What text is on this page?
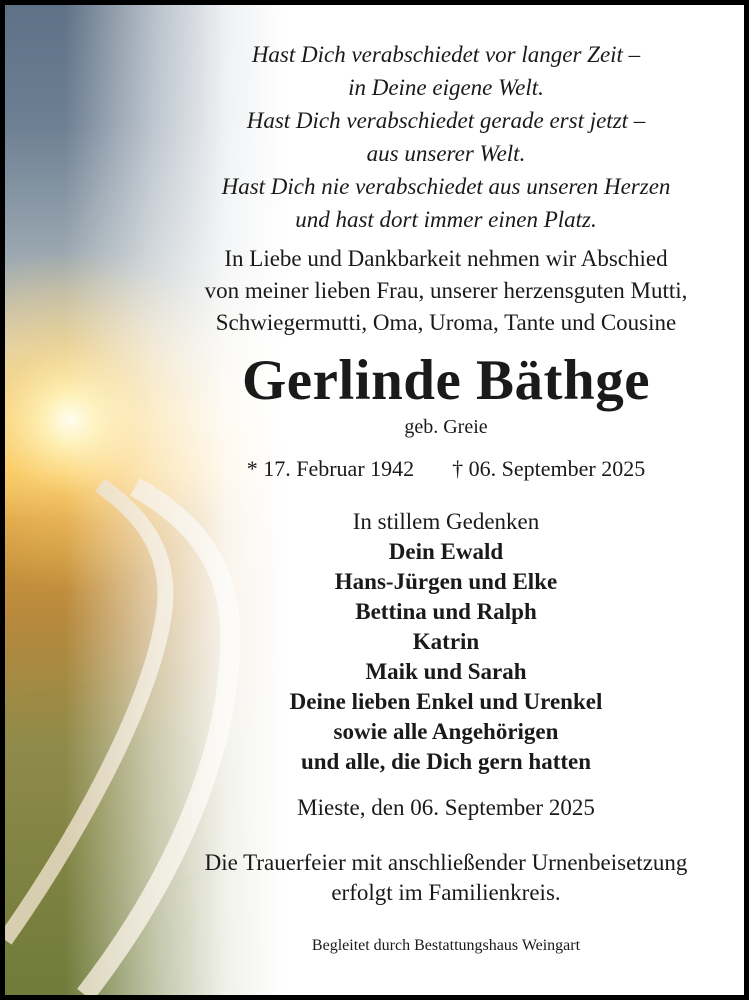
Hast Dich verabschiedet vor langer Zeit –
in Deine eigene Welt.
Hast Dich verabschiedet gerade erst jetzt –
aus unserer Welt.
Hast Dich nie verabschiedet aus unseren Herzen
und hast dort immer einen Platz.
In Liebe und Dankbarkeit nehmen wir Abschied
von meiner lieben Frau, unserer herzensguten Mutti,
Schwiegermutti, Oma, Uroma, Tante und Cousine
Gerlinde Bäthge
geb. Greie
* 17. Februar 1942 † 06. September 2025
In stillem Gedenken
Dein Ewald
Hans-Jürgen und Elke
Bettina und Ralph
Katrin
Maik und Sarah
Deine lieben Enkel und Urenkel
sowie alle Angehörigen
und alle, die Dich gern hatten
Mieste, den 06. September 2025
Die Trauerfeier mit anschließender Urnenbeisetzung
erfolgt im Familienkreis.
Begleitet durch Bestattungshaus Weingart
